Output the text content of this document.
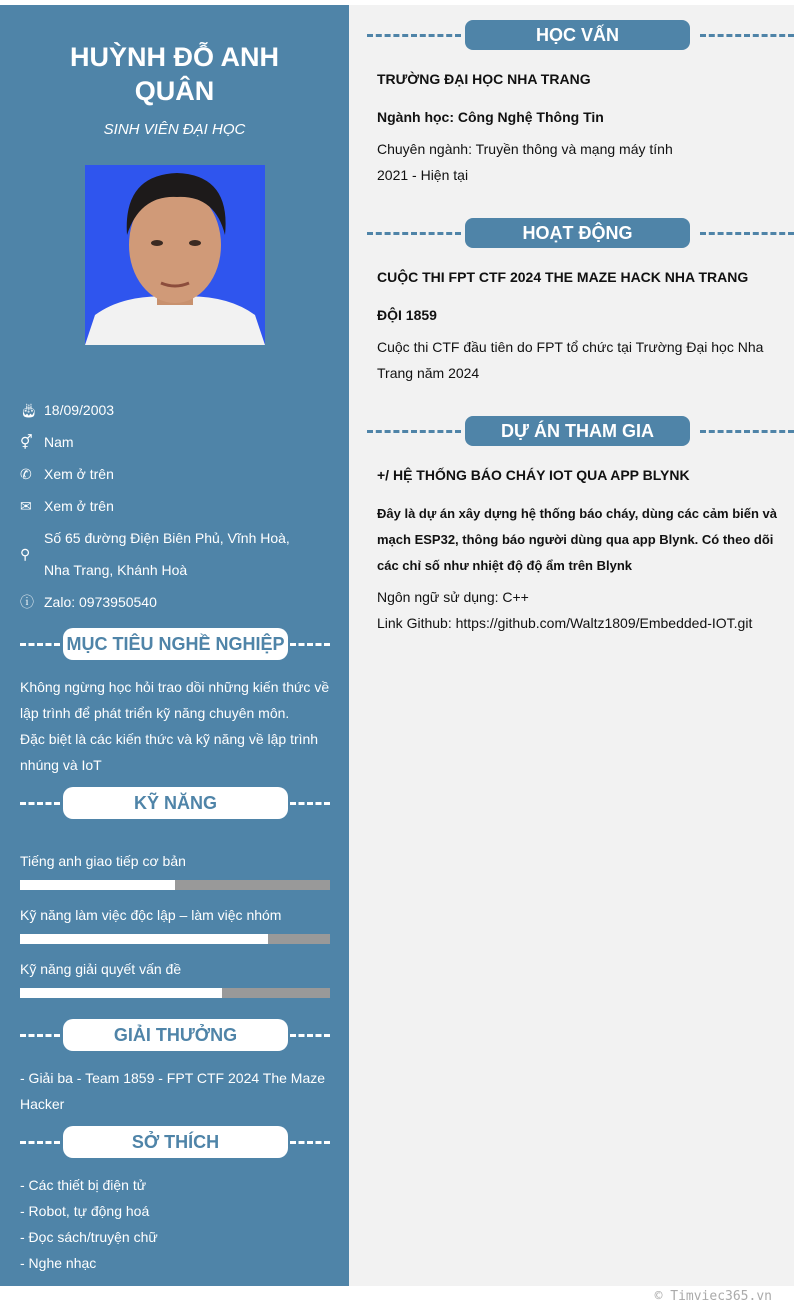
HUỲNH ĐỖ ANH QUÂN
SINH VIÊN ĐẠI HỌC
🎂︎ 18/09/2003
⚥ Nam
✆ Xem ở trên
✉ Xem ở trên
⚲
Số 65 đường Điện Biên Phủ, Vĩnh Hoà,
Nha Trang, Khánh Hoà
ⓘ Zalo: 0973950540
MỤC TIÊU NGHỀ NGHIỆP
Không ngừng học hỏi trao dồi những kiến thức về
lập trình để phát triển kỹ năng chuyên môn.
Đặc biệt là các kiến thức và kỹ năng về lập trình
nhúng và IoT
KỸ NĂNG
Tiếng anh giao tiếp cơ bản
Kỹ năng làm việc độc lập – làm việc nhóm
Kỹ năng giải quyết vấn đề
GIẢI THƯỞNG
- Giải ba - Team 1859 - FPT CTF 2024 The Maze
Hacker
SỞ THÍCH
- Các thiết bị điện tử
- Robot, tự động hoá
- Đọc sách/truyện chữ
- Nghe nhạc
HỌC VẤN
TRƯỜNG ĐẠI HỌC NHA TRANG
Ngành học: Công Nghệ Thông Tin
Chuyên ngành: Truyền thông và mạng máy tính
2021 - Hiện tại
HOẠT ĐỘNG
CUỘC THI FPT CTF 2024 THE MAZE HACK NHA TRANG
ĐỘI 1859
Cuộc thi CTF đầu tiên do FPT tổ chức tại Trường Đại học Nha
Trang năm 2024
DỰ ÁN THAM GIA
+/ HỆ THỐNG BÁO CHÁY IOT QUA APP BLYNK
Đây là dự án xây dựng hệ thống báo cháy, dùng các cảm biến và
mạch ESP32, thông báo người dùng qua app Blynk. Có theo dõi
các chỉ số như nhiệt độ độ ẩm trên Blynk
Ngôn ngữ sử dụng: C++
Link Github: https://github.com/Waltz1809/Embedded-IOT.git
© Timviec365.vn
